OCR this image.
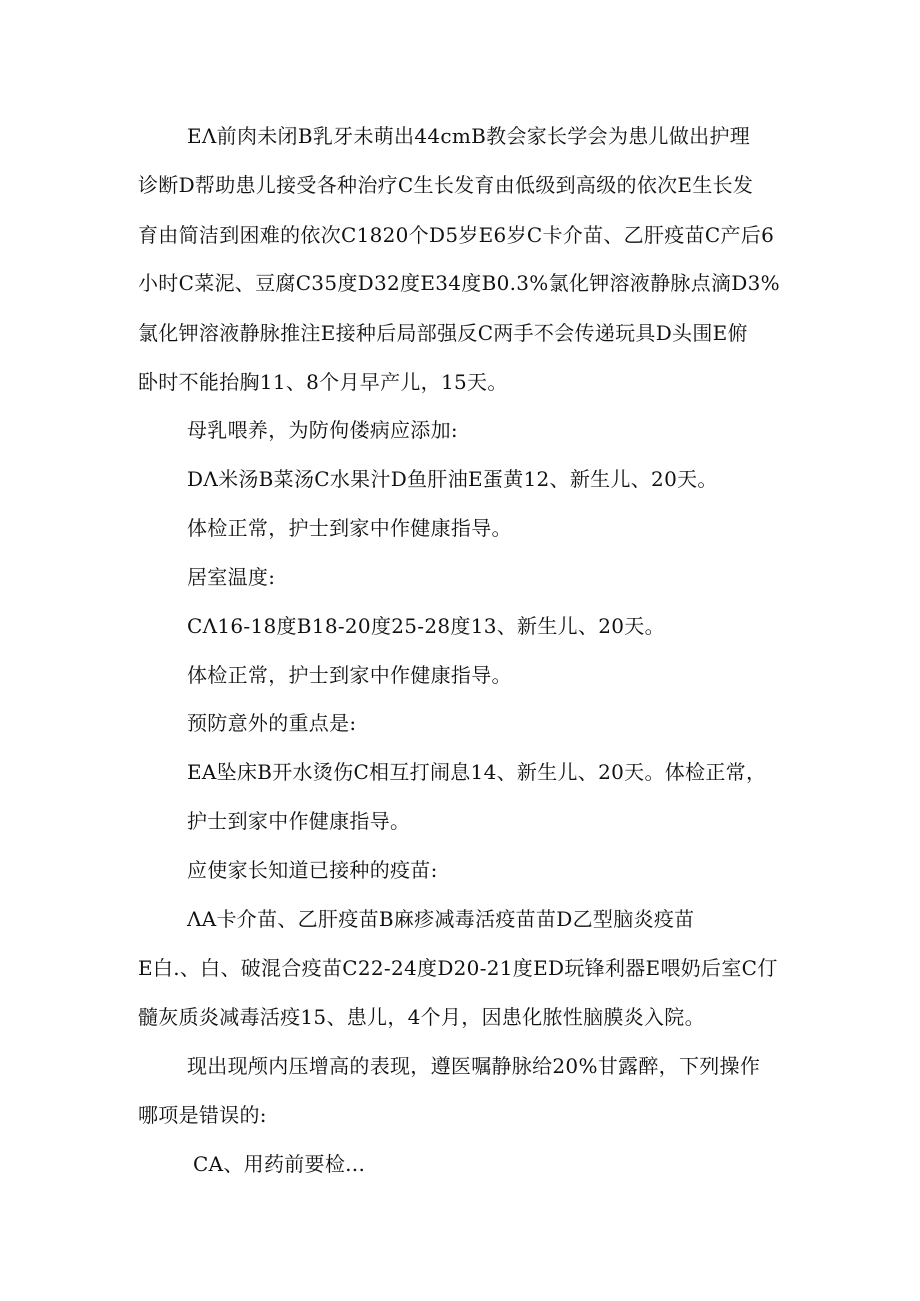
EΛ前肉未闭B乳牙未萌出44cmB教会家长学会为患儿做出护理
诊断D帮助患儿接受各种治疗C生长发育由低级到高级的依次E生长发
育由简洁到困难的依次C1820个D5岁E6岁C卡介苗、乙肝疫苗C产后6
小时C菜泥、豆腐C35度D32度E34度B0.3%氯化钾溶液静脉点滴D3%
氯化钾溶液静脉推注E接种后局部强反C两手不会传递玩具D头围E俯
卧时不能抬胸11、8个月早产儿，15天。
母乳喂养，为防佝偻病应添加:
DΛ米汤B菜汤C水果汁D鱼肝油E蛋黄12、新生儿、20天。
体检正常，护士到家中作健康指导。
居室温度:
CΛ16-18度B18-20度25-28度13、新生儿、20天。
体检正常，护士到家中作健康指导。
预防意外的重点是:
EA坠床B开水烫伤C相互打闹息14、新生儿、20天。体检正常，
护士到家中作健康指导。
应使家长知道已接种的疫苗:
ΛA卡介苗、乙肝疫苗B麻疹减毒活疫苗苗D乙型脑炎疫苗
E白.、白、破混合疫苗C22-24度D20-21度ED玩锋利器E喂奶后室C仃
髓灰质炎减毒活疫15、患儿，4个月，因患化脓性脑膜炎入院。
现出现颅内压增高的表现，遵医嘱静脉给20%甘露醉，下列操作
哪项是错误的:
CA、用药前要检...
